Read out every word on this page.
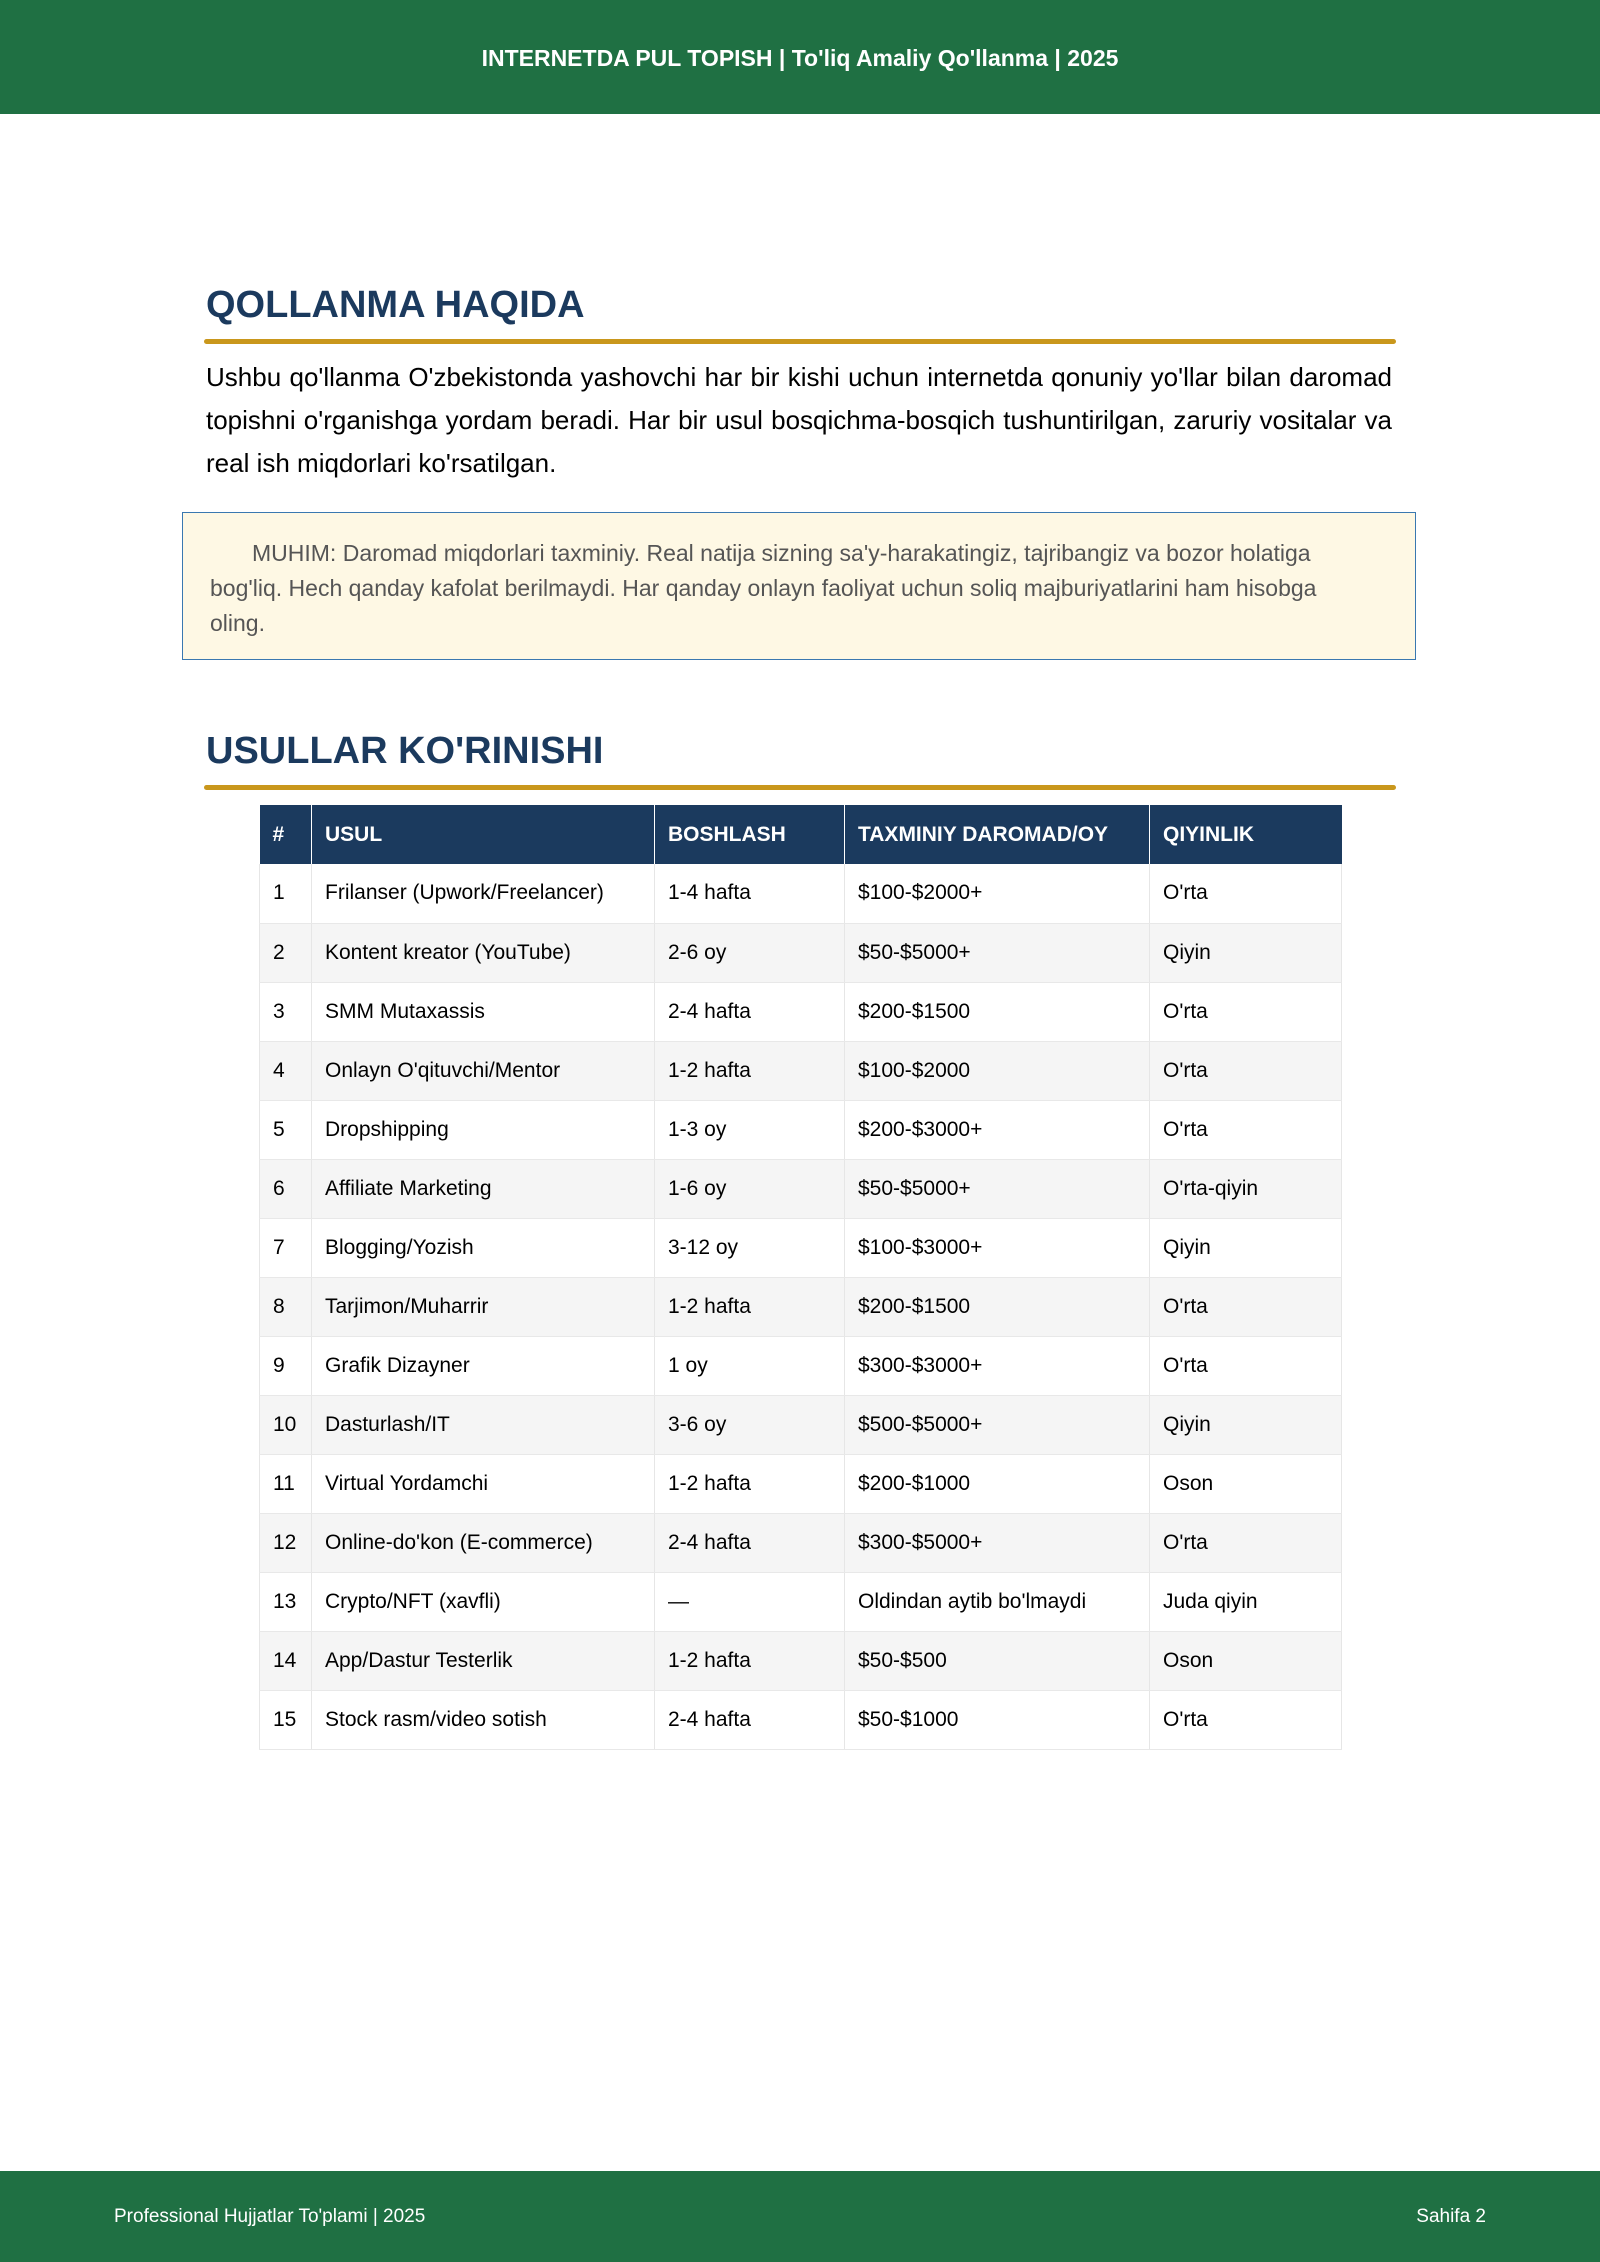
INTERNETDA PUL TOPISH | To'liq Amaliy Qo'llanma | 2025
QOLLANMA HAQIDA

Ushbu qo'llanma O'zbekistonda yashovchi har bir kishi uchun internetda qonuniy yo'llar bilan daromad topishni o'rganishga yordam beradi. Har bir usul bosqichma-bosqich tushuntirilgan, zaruriy vositalar va real ish miqdorlari ko'rsatilgan.

MUHIM: Daromad miqdorlari taxminiy. Real natija sizning sa'y-harakatingiz, tajribangiz va bozor holatiga bog'liq. Hech qanday kafolat berilmaydi. Har qanday onlayn faoliyat uchun soliq majburiyatlarini ham hisobga oling.

USULLAR KO'RINISHI
#	USUL	BOSHLASH	TAXMINIY DAROMAD/OY	QIYINLIK
1	Frilanser (Upwork/Freelancer)	1-4 hafta	$100-$2000+	O'rta
2	Kontent kreator (YouTube)	2-6 oy	$50-$5000+	Qiyin
3	SMM Mutaxassis	2-4 hafta	$200-$1500	O'rta
4	Onlayn O'qituvchi/Mentor	1-2 hafta	$100-$2000	O'rta
5	Dropshipping	1-3 oy	$200-$3000+	O'rta
6	Affiliate Marketing	1-6 oy	$50-$5000+	O'rta-qiyin
7	Blogging/Yozish	3-12 oy	$100-$3000+	Qiyin
8	Tarjimon/Muharrir	1-2 hafta	$200-$1500	O'rta
9	Grafik Dizayner	1 oy	$300-$3000+	O'rta
10	Dasturlash/IT	3-6 oy	$500-$5000+	Qiyin
11	Virtual Yordamchi	1-2 hafta	$200-$1000	Oson
12	Online-do'kon (E-commerce)	2-4 hafta	$300-$5000+	O'rta
13	Crypto/NFT (xavfli)	—	Oldindan aytib bo'lmaydi	Juda qiyin
14	App/Dastur Testerlik	1-2 hafta	$50-$500	Oson
15	Stock rasm/video sotish	2-4 hafta	$50-$1000	O'rta
Professional Hujjatlar To'plami | 2025	Sahifa 2
